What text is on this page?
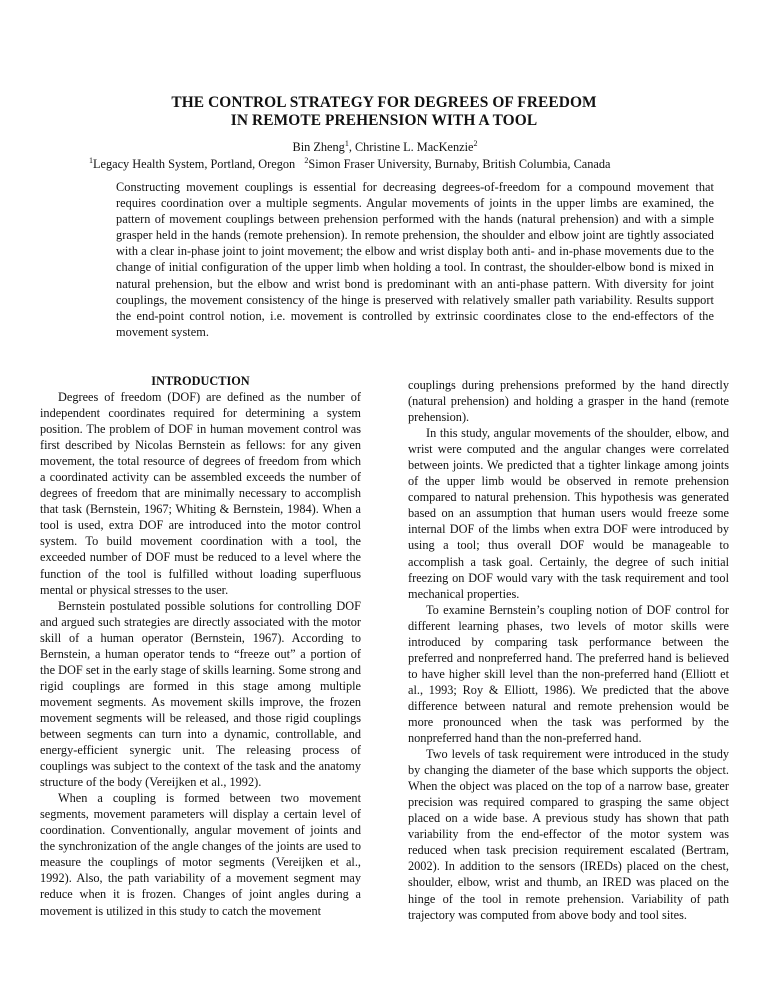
THE CONTROL STRATEGY FOR DEGREES OF FREEDOM
IN REMOTE PREHENSION WITH A TOOL
Bin Zheng$^1$, Christine L. MacKenzie$^2$
$^1$Legacy Health System, Portland, Oregon $^2$Simon Fraser University, Burnaby, British Columbia, Canada
Constructing movement couplings is essential for decreasing degrees-of-freedom for a compound movement that requires coordination over a multiple segments. Angular movements of joints in the upper limbs are examined, the pattern of movement couplings between prehension performed with the hands (natural prehension) and with a simple grasper held in the hands (remote prehension). In remote prehension, the shoulder and elbow joint are tightly associated with a clear in-phase joint to joint movement; the elbow and wrist display both anti- and in-phase movements due to the change of initial configuration of the upper limb when holding a tool. In contrast, the shoulder-elbow bond is mixed in natural prehension, but the elbow and wrist bond is predominant with an anti-phase pattern. With diversity for joint couplings, the movement consistency of the hinge is preserved with relatively smaller path variability. Results support the end-point control notion, i.e. movement is controlled by extrinsic coordinates close to the end-effectors of the movement system.
INTRODUCTION

Degrees of freedom (DOF) are defined as the number of independent coordinates required for determining a system position. The problem of DOF in human movement control was first described by Nicolas Bernstein as fellows: for any given movement, the total resource of degrees of freedom from which a coordinated activity can be assembled exceeds the number of degrees of freedom that are minimally necessary to accomplish that task (Bernstein, 1967; Whiting & Bernstein, 1984). When a tool is used, extra DOF are introduced into the motor control system. To build movement coordination with a tool, the exceeded number of DOF must be reduced to a level where the function of the tool is fulfilled without loading superfluous mental or physical stresses to the user.

Bernstein postulated possible solutions for controlling DOF and argued such strategies are directly associated with the motor skill of a human operator (Bernstein, 1967). According to Bernstein, a human operator tends to “freeze out” a portion of the DOF set in the early stage of skills learning. Some strong and rigid couplings are formed in this stage among multiple movement segments. As movement skills improve, the frozen movement segments will be released, and those rigid couplings between segments can turn into a dynamic, controllable, and energy-efficient synergic unit. The releasing process of couplings was subject to the context of the task and the anatomy structure of the body (Vereijken et al., 1992).

When a coupling is formed between two movement segments, movement parameters will display a certain level of coordination. Conventionally, angular movement of joints and the synchronization of the angle changes of the joints are used to measure the couplings of motor segments (Vereijken et al., 1992). Also, the path variability of a movement segment may reduce when it is frozen. Changes of joint angles during a movement is utilized in this study to catch the movement

couplings during prehensions preformed by the hand directly (natural prehension) and holding a grasper in the hand (remote prehension).

In this study, angular movements of the shoulder, elbow, and wrist were computed and the angular changes were correlated between joints. We predicted that a tighter linkage among joints of the upper limb would be observed in remote prehension compared to natural prehension. This hypothesis was generated based on an assumption that human users would freeze some internal DOF of the limbs when extra DOF were introduced by using a tool; thus overall DOF would be manageable to accomplish a task goal. Certainly, the degree of such initial freezing on DOF would vary with the task requirement and tool mechanical properties.

To examine Bernstein’s coupling notion of DOF control for different learning phases, two levels of motor skills were introduced by comparing task performance between the preferred and nonpreferred hand. The preferred hand is believed to have higher skill level than the non-preferred hand (Elliott et al., 1993; Roy & Elliott, 1986). We predicted that the above difference between natural and remote prehension would be more pronounced when the task was performed by the nonpreferred hand than the non-preferred hand.

Two levels of task requirement were introduced in the study by changing the diameter of the base which supports the object. When the object was placed on the top of a narrow base, greater precision was required compared to grasping the same object placed on a wide base. A previous study has shown that path variability from the end-effector of the motor system was reduced when task precision requirement escalated (Bertram, 2002). In addition to the sensors (IREDs) placed on the chest, shoulder, elbow, wrist and thumb, an IRED was placed on the hinge of the tool in remote prehension. Variability of path trajectory was computed from above body and tool sites.
